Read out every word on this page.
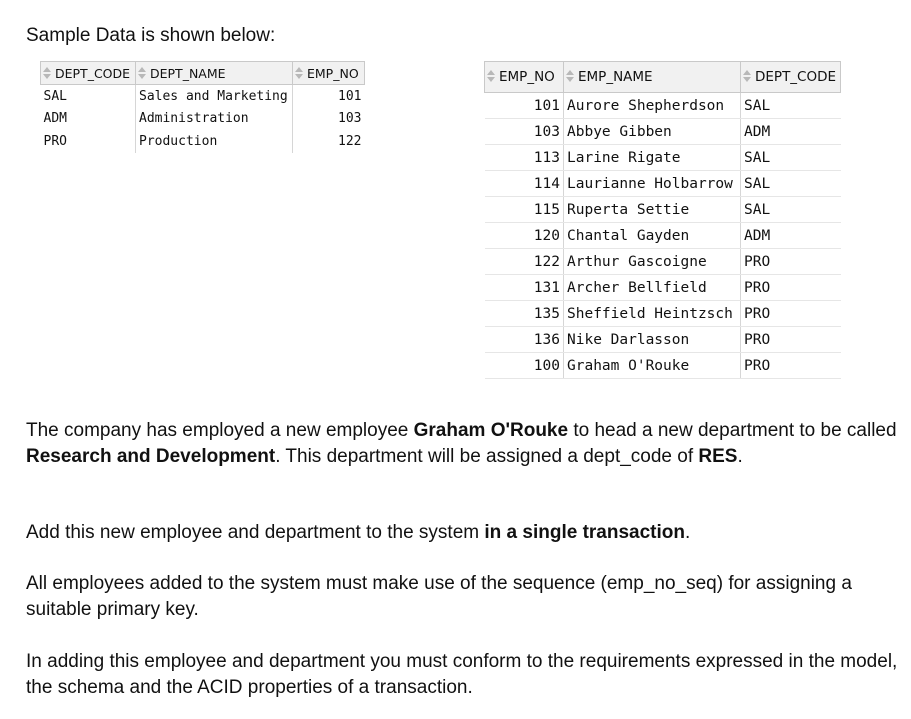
Sample Data is shown below:
DEPT_CODE	DEPT_NAME	EMP_NO
SAL	Sales and Marketing	101
ADM	Administration	103
PRO	Production	122
EMP_NO	EMP_NAME	DEPT_CODE
101	Aurore Shepherdson	SAL
103	Abbye Gibben	ADM
113	Larine Rigate	SAL
114	Laurianne Holbarrow	SAL
115	Ruperta Settie	SAL
120	Chantal Gayden	ADM
122	Arthur Gascoigne	PRO
131	Archer Bellfield	PRO
135	Sheffield Heintzsch	PRO
136	Nike Darlasson	PRO
100	Graham O'Rouke	PRO
The company has employed a new employee Graham O'Rouke to head a new department to be called Research and Development. This department will be assigned a dept_code of RES.
Add this new employee and department to the system in a single transaction.
All employees added to the system must make use of the sequence (emp_no_seq) for assigning a suitable primary key.
In adding this employee and department you must conform to the requirements expressed in the model, the schema and the ACID properties of a transaction.
